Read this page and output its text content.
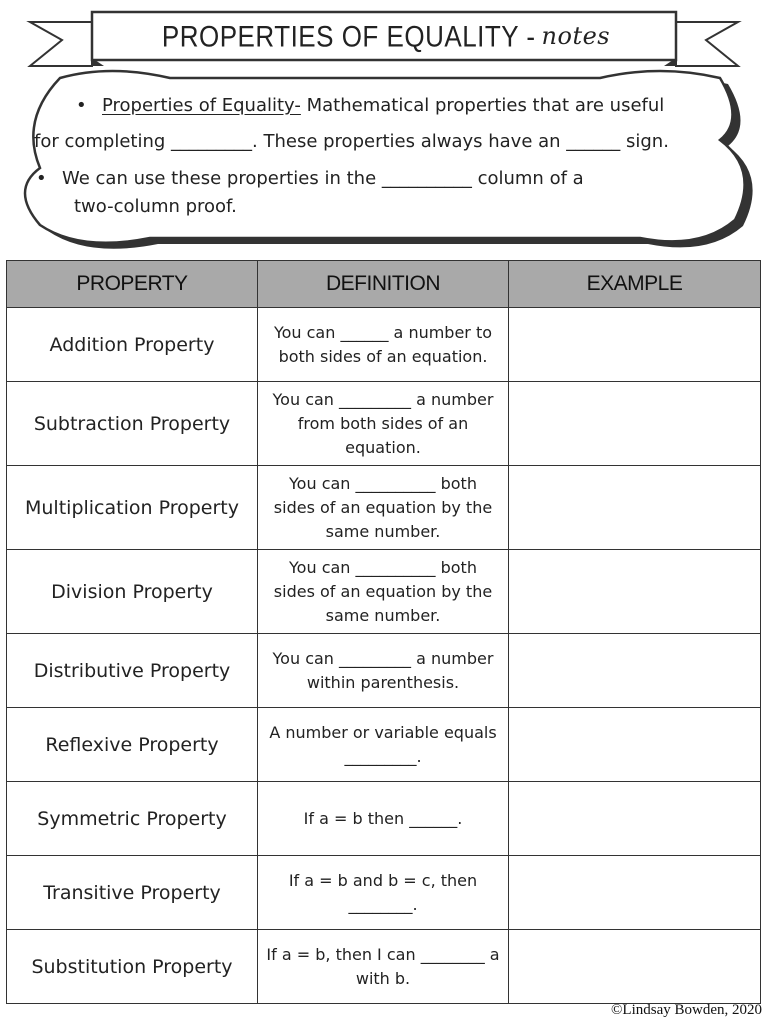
PROPERTIES OF EQUALITY - notes
• Properties of Equality- Mathematical properties that are useful
for completing _________. These properties always have an ______ sign.
• We can use these properties in the __________ column of a
two-column proof.
PROPERTY	DEFINITION	EXAMPLE
Addition Property	You can ______ a number to both sides of an equation.	
Subtraction Property	You can _________ a number from both sides of an equation.	
Multiplication Property	You can __________ both sides of an equation by the same number.	
Division Property	You can __________ both sides of an equation by the same number.	
Distributive Property	You can _________ a number within parenthesis.	
Reflexive Property	A number or variable equals _________.	
Symmetric Property	If a = b then ______.	
Transitive Property	If a = b and b = c, then ________.	
Substitution Property	If a = b, then I can ________ a with b.	
©Lindsay Bowden, 2020
